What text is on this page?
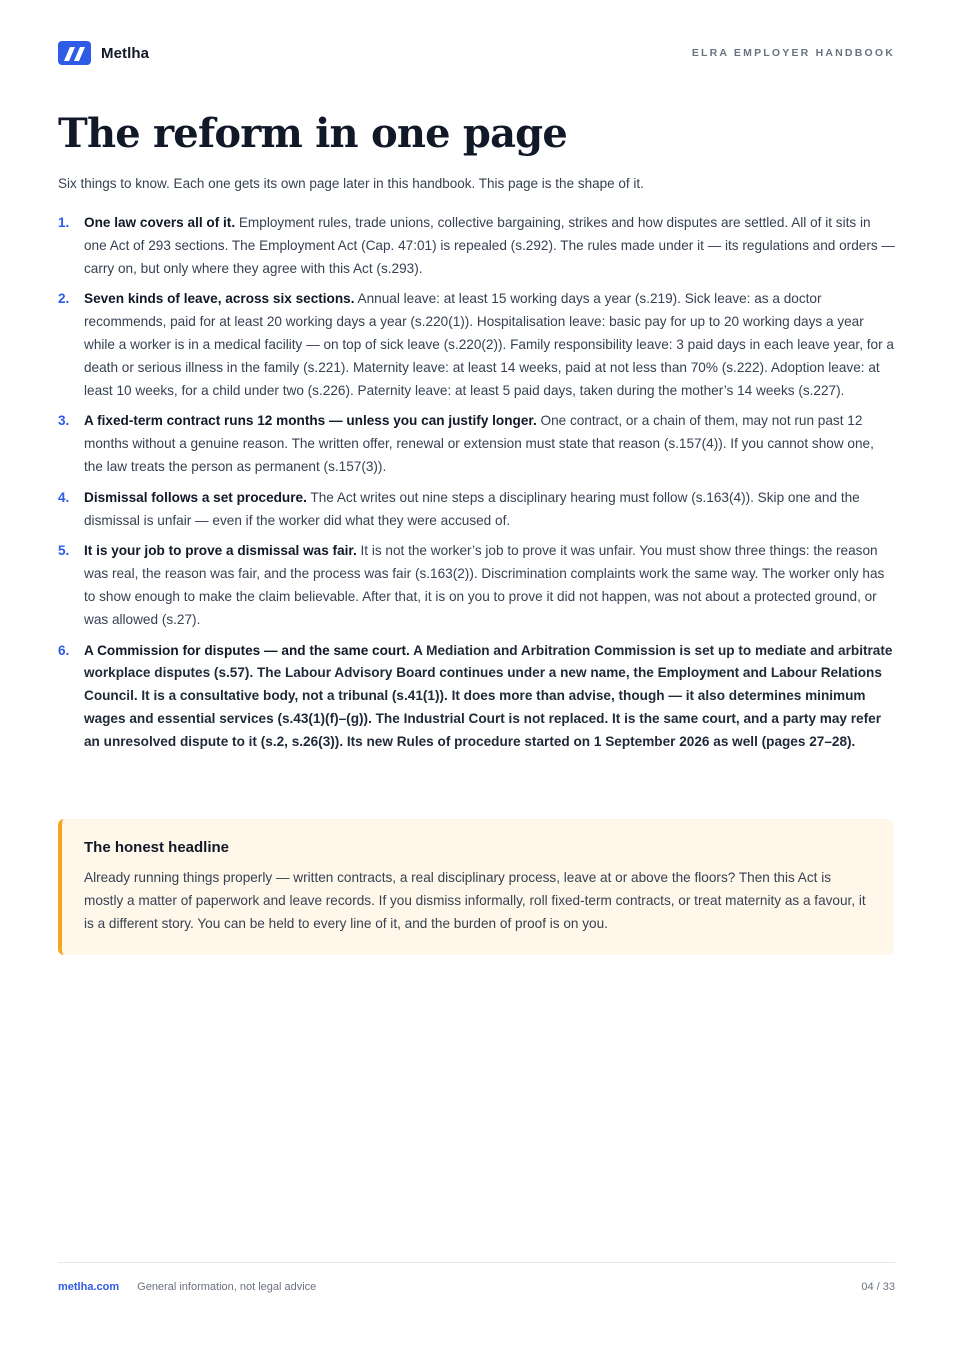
Metlha	ELRA EMPLOYER HANDBOOK
The reform in one page

Six things to know. Each one gets its own page later in this handbook. This page is the shape of it.

1.	One law covers all of it. Employment rules, trade unions, collective bargaining, strikes and how disputes are settled. All of it sits in one Act of 293 sections. The Employment Act (Cap. 47:01) is repealed (s.292). The rules made under it — its regulations and orders — carry on, but only where they agree with this Act (s.293).
2.	Seven kinds of leave, across six sections. Annual leave: at least 15 working days a year (s.219). Sick leave: as a doctor recommends, paid for at least 20 working days a year (s.220(1)). Hospitalisation leave: basic pay for up to 20 working days a year while a worker is in a medical facility — on top of sick leave (s.220(2)). Family responsibility leave: 3 paid days in each leave year, for a death or serious illness in the family (s.221). Maternity leave: at least 14 weeks, paid at not less than 70% (s.222). Adoption leave: at least 10 weeks, for a child under two (s.226). Paternity leave: at least 5 paid days, taken during the mother’s 14 weeks (s.227).
3.	A fixed-term contract runs 12 months — unless you can justify longer. One contract, or a chain of them, may not run past 12 months without a genuine reason. The written offer, renewal or extension must state that reason (s.157(4)). If you cannot show one, the law treats the person as permanent (s.157(3)).
4.	Dismissal follows a set procedure. The Act writes out nine steps a disciplinary hearing must follow (s.163(4)). Skip one and the dismissal is unfair — even if the worker did what they were accused of.
5.	It is your job to prove a dismissal was fair. It is not the worker’s job to prove it was unfair. You must show three things: the reason was real, the reason was fair, and the process was fair (s.163(2)). Discrimination complaints work the same way. The worker only has to show enough to make the claim believable. After that, it is on you to prove it did not happen, was not about a protected ground, or was allowed (s.27).
6.	A Commission for disputes — and the same court. A Mediation and Arbitration Commission is set up to mediate and arbitrate workplace disputes (s.57). The Labour Advisory Board continues under a new name, the Employment and Labour Relations Council. It is a consultative body, not a tribunal (s.41(1)). It does more than advise, though — it also determines minimum wages and essential services (s.43(1)(f)–(g)). The Industrial Court is not replaced. It is the same court, and a party may refer an unresolved dispute to it (s.2, s.26(3)). Its new Rules of procedure started on 1 September 2026 as well (pages 27–28).
The honest headline

Already running things properly — written contracts, a real disciplinary process, leave at or above the floors? Then this Act is mostly a matter of paperwork and leave records. If you dismiss informally, roll fixed-term contracts, or treat maternity as a favour, it is a different story. You can be held to every line of it, and the burden of proof is on you.

metlha.com General information, not legal advice	04 / 33
